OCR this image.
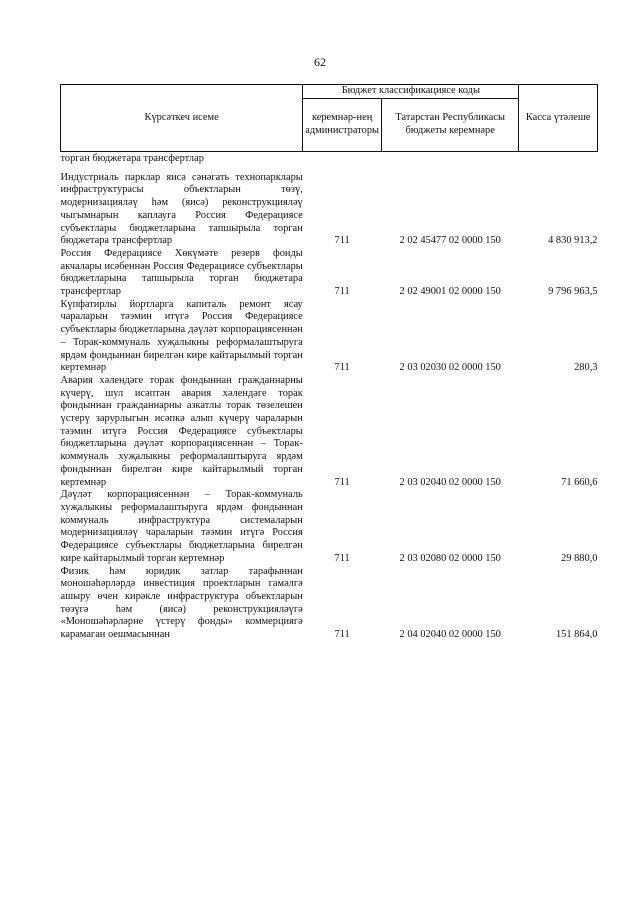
62
Күрсәткеч исеме	Бюджет классификациясе коды		Касса үтәлеше
	керемнәр-нең администраторы	Татарстан Республикасы бюджеты керемнәре	
торган бюджетара трансфертлар			
Индустриаль парклар яисә сәнәгать технопарклары инфраструктурасы объектларын төзү, модернизацияләү һәм (яисә) реконструкцияләү чыгымнарын каплауга Россия Федерациясе субъектлары бюджетларына тапшырыла торган бюджетара трансфертлар	711	2 02 45477 02 0000 150	4 830 913,2
Россия Федерациясе Хөкүмәте резерв фонды акчалары исәбеннән Россия Федерациясе субъектлары бюджетларына тапшырыла торган бюджетара трансфертлар	711	2 02 49001 02 0000 150	9 796 963,5
Күпфатирлы йортларга капиталь ремонт ясау чараларын тәэмин итүгә Россия Федерациясе субъектлары бюджетларына дәүләт корпорациясеннән – Торак-коммуналь хуҗалыкны реформалаштыруга ярдәм фондыннан бирелгән кире кайтарылмый торган кертемнәр	711	2 03 02030 02 0000 150	280,3
Авария хәлендәге торак фондыннан гражданнарны күчерү, шул исәптән авария хәлендәге торак фондыннан гражданнарны азкатлы торак төзелешен үстерү зарурлыгын исәпкә алып күчерү чараларын тәэмин итүгә Россия Федерациясе субъектлары бюджетларына дәүләт корпорациясеннән – Торак-коммуналь хуҗалыкны реформалаштыруга ярдәм фондыннан бирелгән кире кайтарылмый торган кертемнәр	711	2 03 02040 02 0000 150	71 660,6
Дәүләт корпорациясеннән – Торак-коммуналь хуҗалыкны реформалаштыруга ярдәм фондыннан коммуналь инфраструктура системаларын модернизацияләү чараларын тәэмин итүгә Россия Федерациясе субъектлары бюджетларына бирелгән кире кайтарылмый торган кертемнәр	711	2 03 02080 02 0000 150	29 880,0
Физик һәм юридик затлар тарафыннан моношәһәрләрдә инвестиция проектларын гамәлгә ашыру өчен кирәкле инфраструктура объектларын төзүгә һәм (яисә) реконструкцияләүгә «Моношәһәрләрне үстерү фонды» коммерциягә карамаган оешмасыннан	711	2 04 02040 02 0000 150	151 864,0
